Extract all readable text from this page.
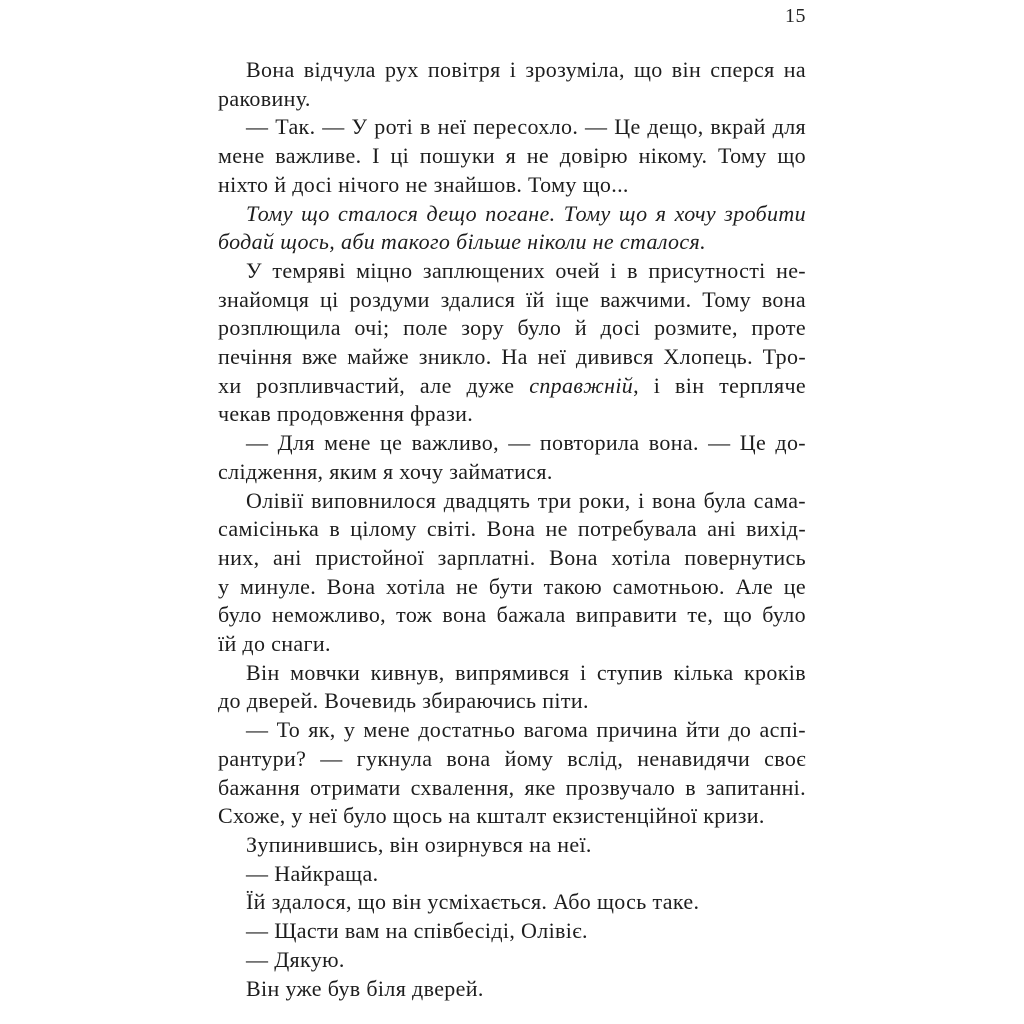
15
Вона відчула рух повітря і зрозуміла, що він сперся на
раковину.
— Так. — У роті в неї пересохло. — Це дещо, вкрай для
мене важливе. І ці пошуки я не довірю нікому. Тому що
ніхто й досі нічого не знайшов. Тому що...
Тому що сталося дещо погане. Тому що я хочу зробити
бодай щось, аби такого більше ніколи не сталося.
У темряві міцно заплющених очей і в присутності не-
знайомця ці роздуми здалися їй іще важчими. Тому вона
розплющила очі; поле зору було й досі розмите, проте
печіння вже майже зникло. На неї дивився Хлопець. Тро-
хи розпливчастий, але дуже справжній, і він терпляче
чекав продовження фрази.
— Для мене це важливо, — повторила вона. — Це до-
слідження, яким я хочу займатися.
Олівії виповнилося двадцять три роки, і вона була сама-
самісінька в цілому світі. Вона не потребувала ані вихід-
них, ані пристойної зарплатні. Вона хотіла повернутись
у минуле. Вона хотіла не бути такою самотньою. Але це
було неможливо, тож вона бажала виправити те, що було
їй до снаги.
Він мовчки кивнув, випрямився і ступив кілька кроків
до дверей. Вочевидь збираючись піти.
— То як, у мене достатньо вагома причина йти до аспі-
рантури? — гукнула вона йому вслід, ненавидячи своє
бажання отримати схвалення, яке прозвучало в запитанні.
Схоже, у неї було щось на кшталт екзистенційної кризи.
Зупинившись, він озирнувся на неї.
— Найкраща.
Їй здалося, що він усміхається. Або щось таке.
— Щасти вам на співбесіді, Олівіє.
— Дякую.
Він уже був біля дверей.
